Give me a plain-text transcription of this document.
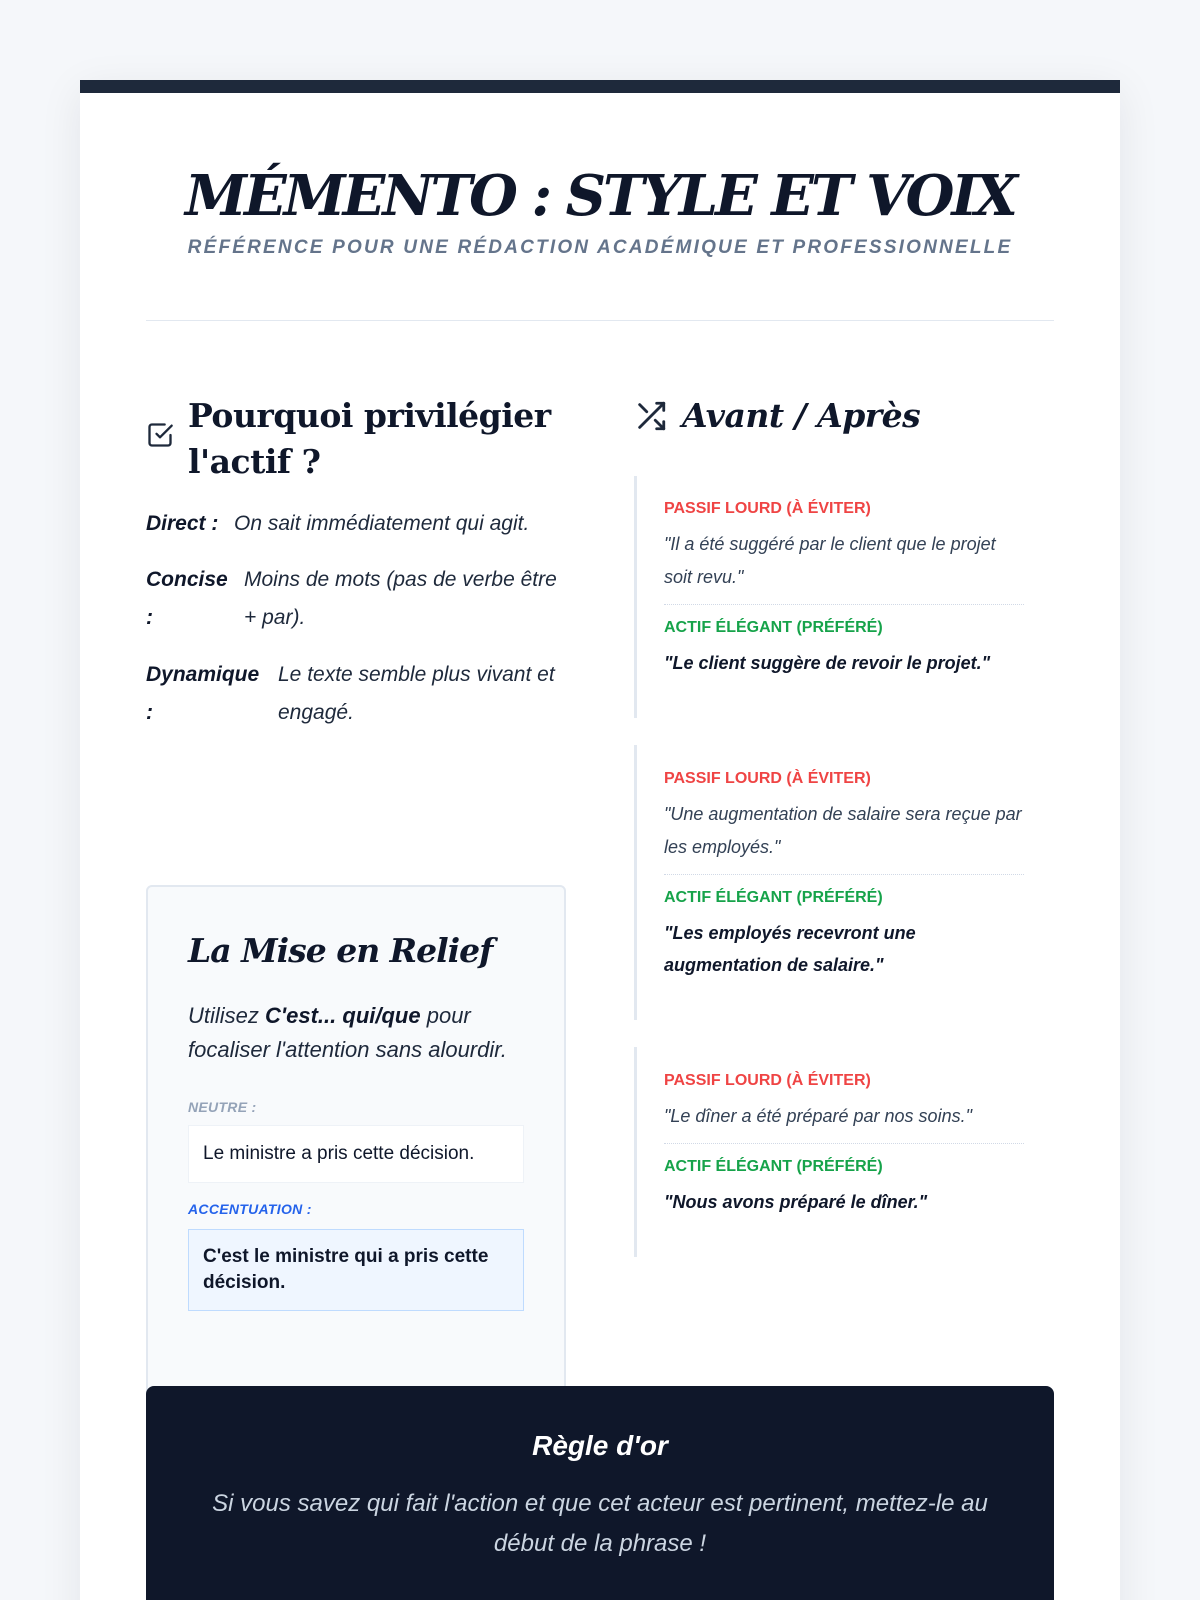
MÉMENTO : STYLE ET VOIX
RÉFÉRENCE POUR UNE RÉDACTION ACADÉMIQUE ET PROFESSIONNELLE
Pourquoi privilégier l'actif ?
Direct : On sait immédiatement qui agit.
Concise :
Moins de mots (pas de verbe être + par).
Dynamique :
Le texte semble plus vivant et engagé.
La Mise en Relief
Utilisez C'est... qui/que pour focaliser l'attention sans alourdir.
NEUTRE :
Le ministre a pris cette décision.
ACCENTUATION :
C'est le ministre qui a pris cette décision.
Avant / Après
PASSIF LOURD (À ÉVITER)
"Il a été suggéré par le client que le projet soit revu."
ACTIF ÉLÉGANT (PRÉFÉRÉ)
"Le client suggère de revoir le projet."
PASSIF LOURD (À ÉVITER)
"Une augmentation de salaire sera reçue par les employés."
ACTIF ÉLÉGANT (PRÉFÉRÉ)
"Les employés recevront une augmentation de salaire."
PASSIF LOURD (À ÉVITER)
"Le dîner a été préparé par nos soins."
ACTIF ÉLÉGANT (PRÉFÉRÉ)
"Nous avons préparé le dîner."
Règle d'or
Si vous savez qui fait l'action et que cet acteur est pertinent, mettez-le au début de la phrase !
